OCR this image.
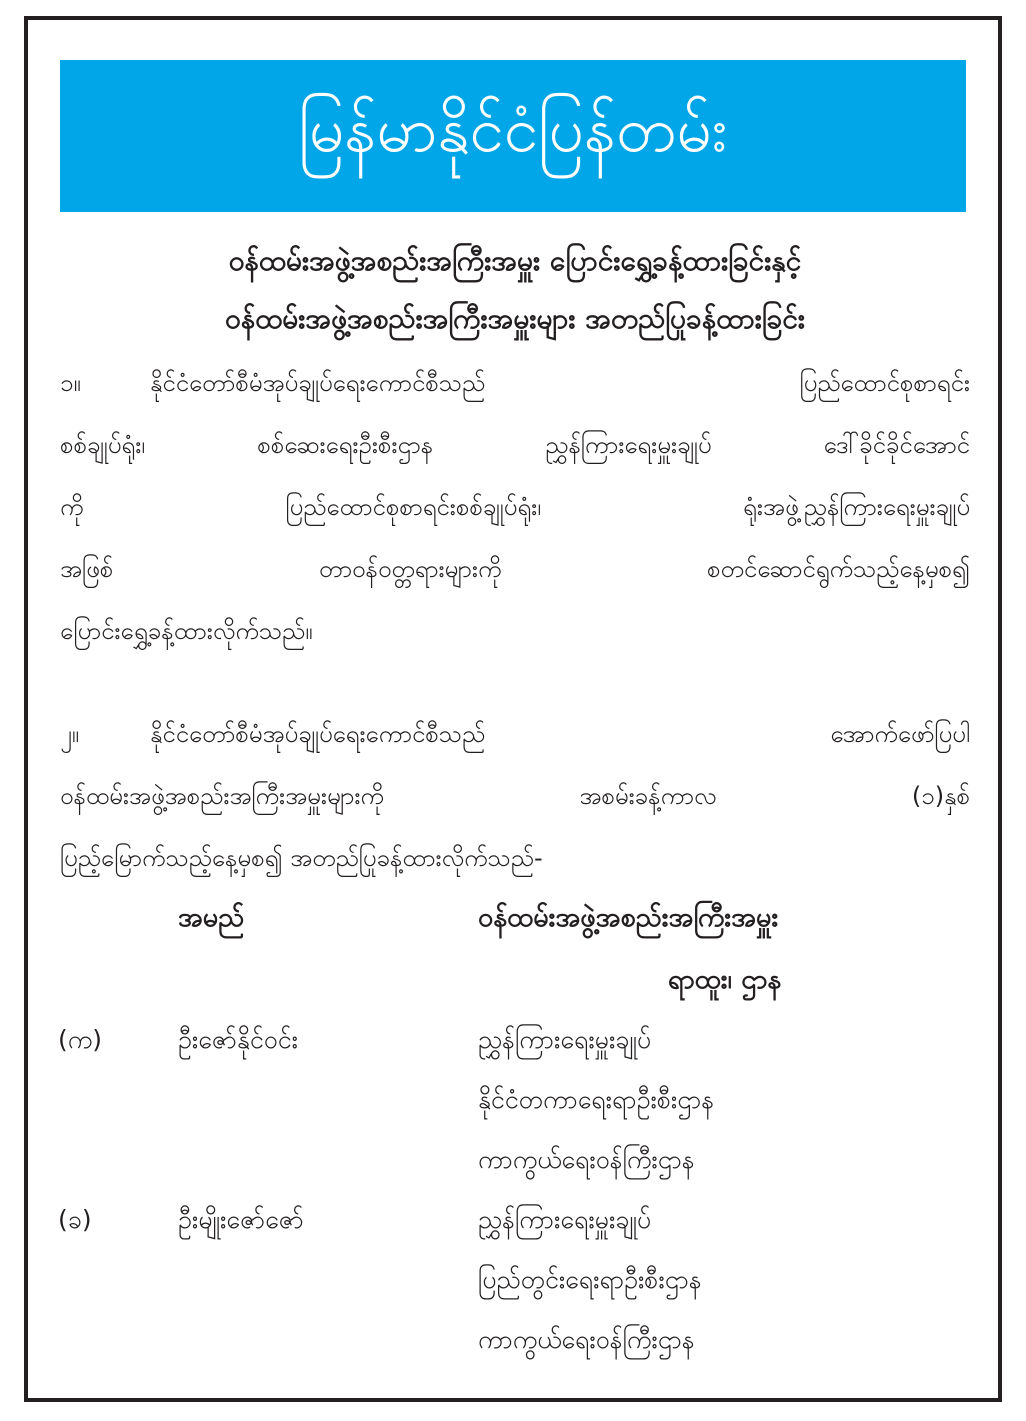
မြန်မာနိုင်ငံပြန်တမ်း
ဝန်ထမ်းအဖွဲ့အစည်းအကြီးအမှူး ပြောင်းရွှေ့ခန့်ထားခြင်းနှင့်
ဝန်ထမ်းအဖွဲ့အစည်းအကြီးအမှူးများ အတည်ပြုခန့်ထားခြင်း
၁။	နိုင်ငံတော်စီမံအုပ်ချုပ်ရေးကောင်စီသည် ပြည်ထောင်စုစာရင်း
စစ်ချုပ်ရုံး၊ စစ်ဆေးရေးဦးစီးဌာန ညွှန်ကြားရေးမှူးချုပ် ဒေါ်ခိုင်ခိုင်အောင်
ကို ပြည်ထောင်စုစာရင်းစစ်ချုပ်ရုံး၊ ရုံးအဖွဲ့ညွှန်ကြားရေးမှူးချုပ်
အဖြစ် တာဝန်ဝတ္တရားများကို စတင်ဆောင်ရွက်သည့်နေ့မှစ၍
ပြောင်းရွှေ့ခန့်ထားလိုက်သည်။
၂။	နိုင်ငံတော်စီမံအုပ်ချုပ်ရေးကောင်စီသည် အောက်ဖော်ပြပါ
ဝန်ထမ်းအဖွဲ့အစည်းအကြီးအမှူးများကို အစမ်းခန့်ကာလ (၁)နှစ်
ပြည့်မြောက်သည့်နေ့မှစ၍ အတည်ပြုခန့်ထားလိုက်သည်-
အမည်	ဝန်ထမ်းအဖွဲ့အစည်းအကြီးအမှူး
ရာထူး၊ ဌာန
(က)	ဦးဇော်နိုင်ဝင်း	ညွှန်ကြားရေးမှူးချုပ်
နိုင်ငံတကာရေးရာဦးစီးဌာန
ကာကွယ်ရေးဝန်ကြီးဌာန
(ခ)	ဦးမျိုးဇော်ဇော်	ညွှန်ကြားရေးမှူးချုပ်
ပြည်တွင်းရေးရာဦးစီးဌာန
ကာကွယ်ရေးဝန်ကြီးဌာန
